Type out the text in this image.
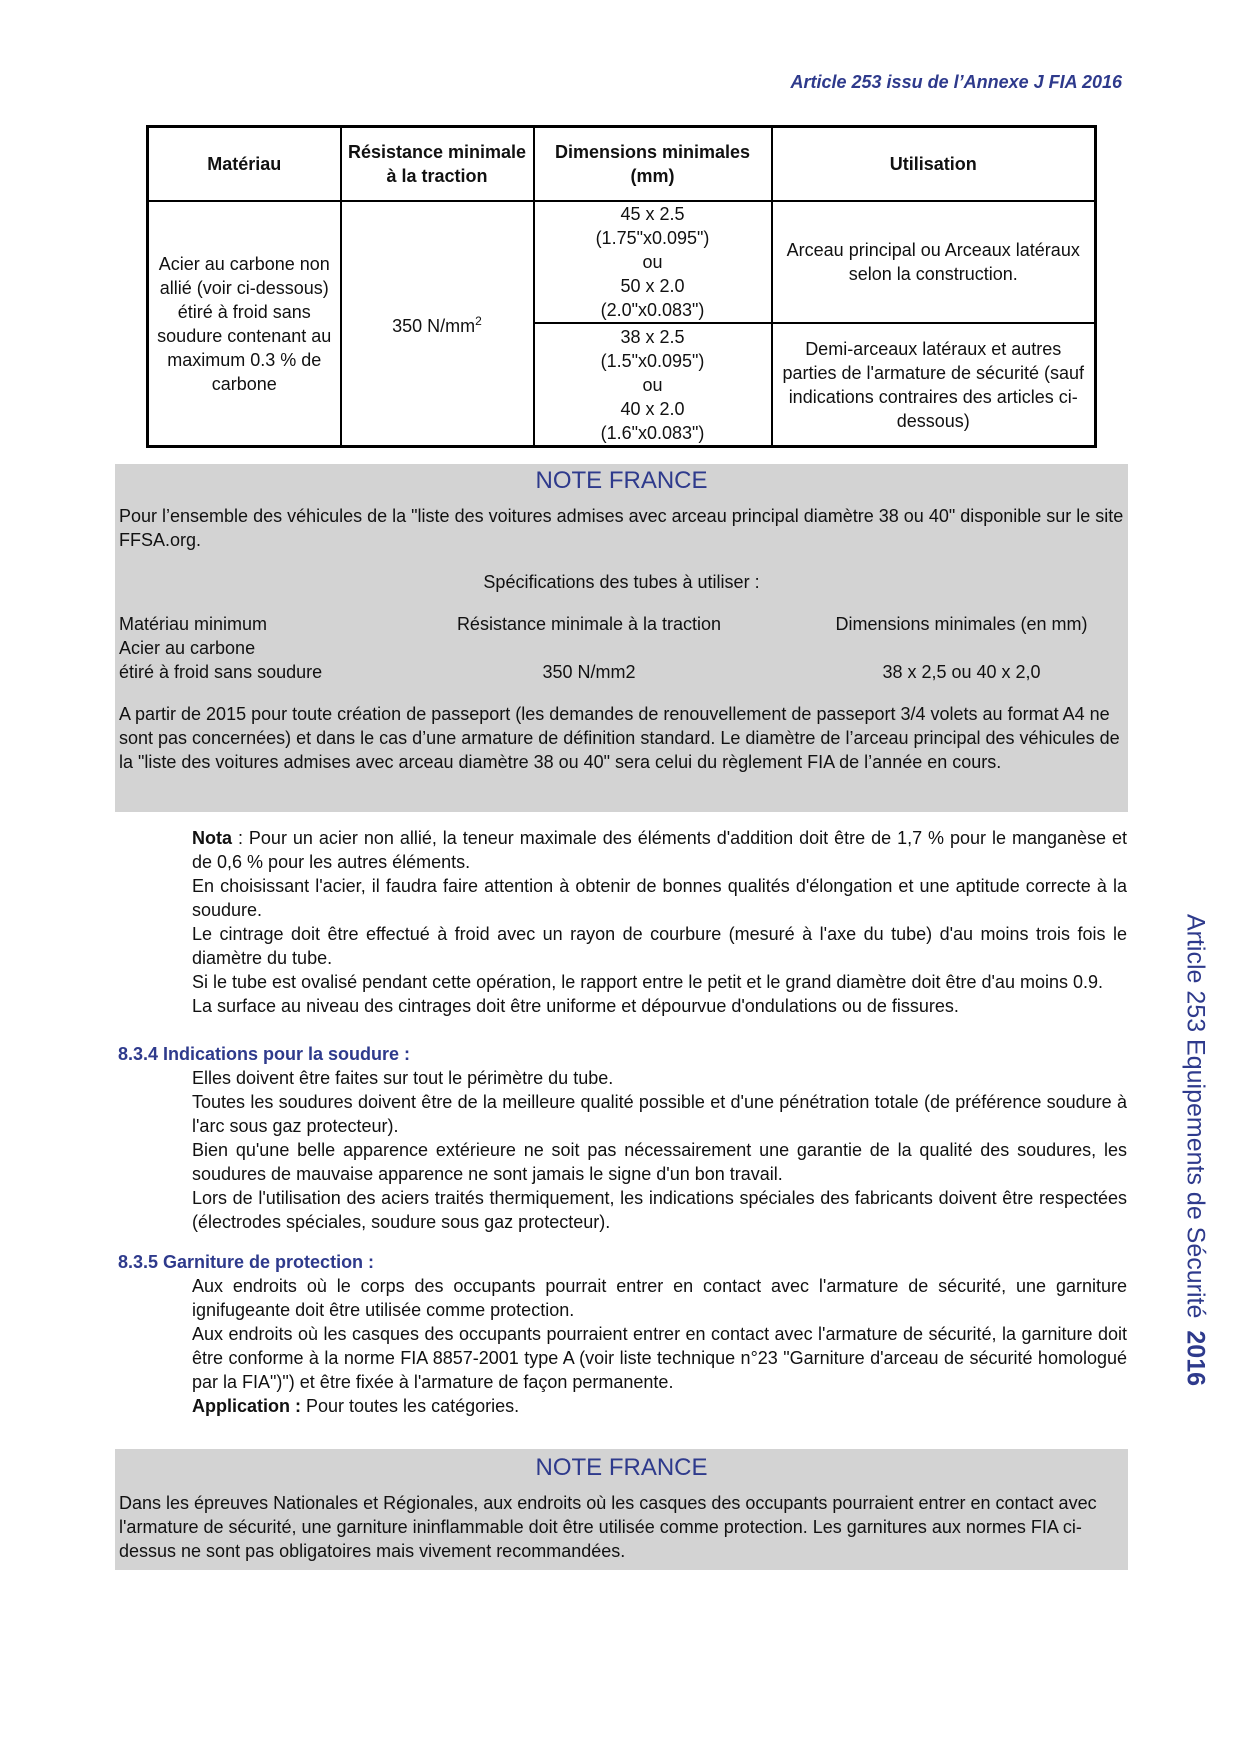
Article 253 issu de l’Annexe J FIA 2016
Article 253 Equipements de Sécurité2016
Matériau	Résistance minimale à la traction	Dimensions minimales (mm)	Utilisation
Acier au carbone non allié (voir ci-dessous) étiré à froid sans soudure contenant au maximum 0.3 % de carbone	350 $N/mm^2$	45 x 2.5
(1.75"x0.095")
ou
50 x 2.0
(2.0"x0.083")	Arceau principal ou Arceaux latéraux selon la construction.

		38 x 2.5
(1.5"x0.095")
ou
40 x 2.0
(1.6"x0.083")	Demi-arceaux latéraux et autres parties de l'armature de sécurité (sauf indications contraires des articles ci-dessous)
NOTE FRANCE

Pour l’ensemble des véhicules de la "liste des voitures admises avec arceau principal diamètre 38 ou 40" disponible sur le site FFSA.org.

Spécifications des tubes à utiliser :

Matériau minimum	Résistance minimale à la traction	Dimensions minimales (en mm)
Acier au carbone
étiré à froid sans soudure	350 N/mm2	38 x 2,5 ou 40 x 2,0

A partir de 2015 pour toute création de passeport (les demandes de renouvellement de passeport 3/4 volets au format A4 ne sont pas concernées) et dans le cas d’une armature de définition standard. Le diamètre de l’arceau principal des véhicules de la "liste des voitures admises avec arceau diamètre 38 ou 40" sera celui du règlement FIA de l’année en cours.

Nota : Pour un acier non allié, la teneur maximale des éléments d'addition doit être de 1,7 % pour le manganèse et de 0,6 % pour les autres éléments.

En choisissant l'acier, il faudra faire attention à obtenir de bonnes qualités d'élongation et une aptitude correcte à la soudure.

Le cintrage doit être effectué à froid avec un rayon de courbure (mesuré à l'axe du tube) d'au moins trois fois le diamètre du tube.

Si le tube est ovalisé pendant cette opération, le rapport entre le petit et le grand diamètre doit être d'au moins 0.9.

La surface au niveau des cintrages doit être uniforme et dépourvue d'ondulations ou de fissures.

8.3.4 Indications pour la soudure :

Elles doivent être faites sur tout le périmètre du tube.

Toutes les soudures doivent être de la meilleure qualité possible et d'une pénétration totale (de préférence soudure à l'arc sous gaz protecteur).

Bien qu'une belle apparence extérieure ne soit pas nécessairement une garantie de la qualité des soudures, les soudures de mauvaise apparence ne sont jamais le signe d'un bon travail.

Lors de l'utilisation des aciers traités thermiquement, les indications spéciales des fabricants doivent être respectées (électrodes spéciales, soudure sous gaz protecteur).

8.3.5 Garniture de protection :

Aux endroits où le corps des occupants pourrait entrer en contact avec l'armature de sécurité, une garniture ignifugeante doit être utilisée comme protection.

Aux endroits où les casques des occupants pourraient entrer en contact avec l'armature de sécurité, la garniture doit être conforme à la norme FIA 8857-2001 type A (voir liste technique n°23 "Garniture d'arceau de sécurité homologué par la FIA")") et être fixée à l'armature de façon permanente.

Application : Pour toutes les catégories.

NOTE FRANCE

Dans les épreuves Nationales et Régionales, aux endroits où les casques des occupants pourraient entrer en contact avec l'armature de sécurité, une garniture ininflammable doit être utilisée comme protection. Les garnitures aux normes FIA ci-dessus ne sont pas obligatoires mais vivement recommandées.
